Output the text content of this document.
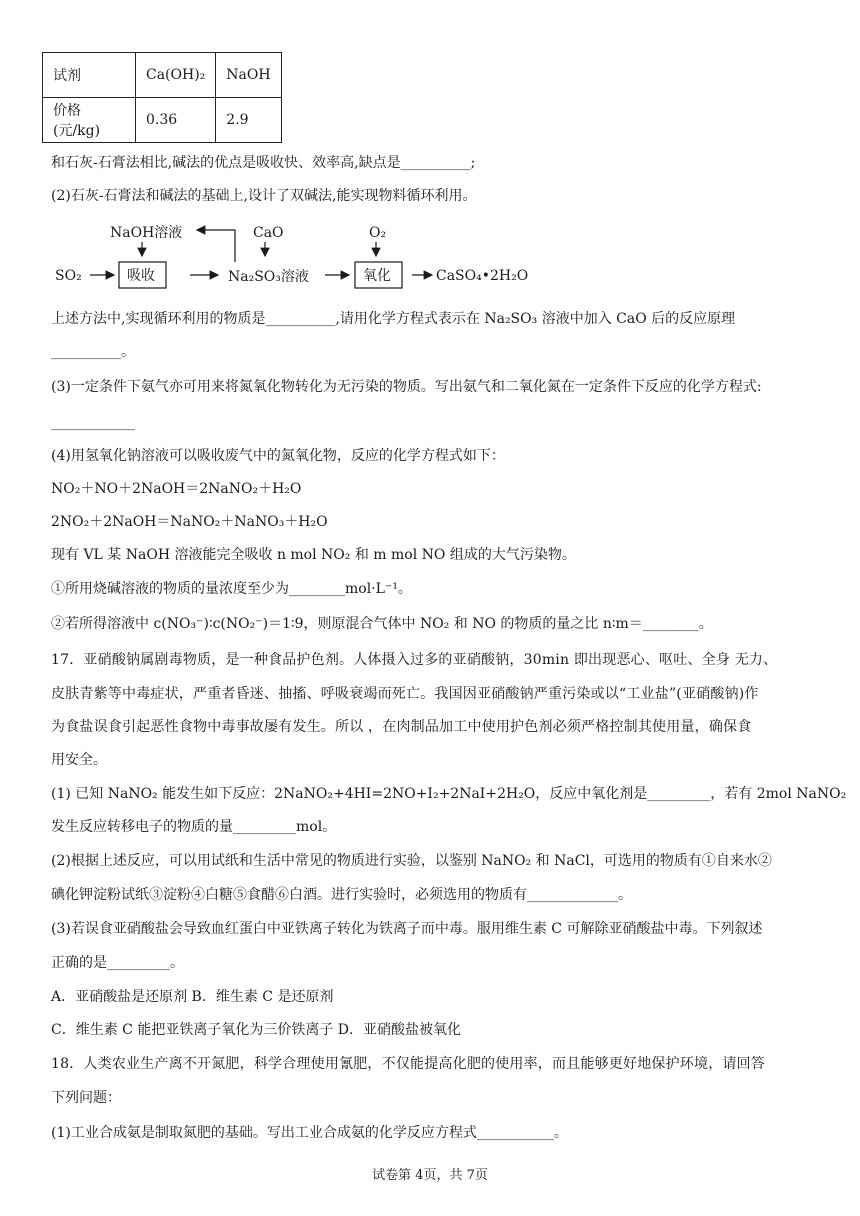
试剂	Ca(OH)₂	NaOH
价格(元/kg)	0.36	2.9
和石灰-石膏法相比,碱法的优点是吸收快、效率高,缺点是__________;
(2)石灰-石膏法和碱法的基础上,设计了双碱法,能实现物料循环利用。
NaOH溶液	CaO	O₂
SO₂	吸收	Na₂SO₃溶液	氧化	CaSO₄•2H₂O
上述方法中,实现循环利用的物质是__________,请用化学方程式表示在 Na₂SO₃ 溶液中加入 CaO 后的反应原理
__________。
(3)一定条件下氨气亦可用来将氮氧化物转化为无污染的物质。写出氨气和二氧化氮在一定条件下反应的化学方程式:
____________
(4)用氢氧化钠溶液可以吸收废气中的氮氧化物，反应的化学方程式如下：
NO₂＋NO＋2NaOH＝2NaNO₂＋H₂O
2NO₂＋2NaOH＝NaNO₂＋NaNO₃＋H₂O
现有 VL 某 NaOH 溶液能完全吸收 n mol NO₂ 和 m mol NO 组成的大气污染物。
①所用烧碱溶液的物质的量浓度至少为________mol·L⁻¹。
②若所得溶液中 c(NO₃⁻)∶c(NO₂⁻)＝1∶9，则原混合气体中 NO₂ 和 NO 的物质的量之比 n∶m＝________。
17．亚硝酸钠属剧毒物质，是一种食品护色剂。人体摄入过多的亚硝酸钠，30min 即出现恶心、呕吐、全身 无力、
皮肤青紫等中毒症状，严重者昏迷、抽搐、呼吸衰竭而死亡。我国因亚硝酸钠严重污染或以“工业盐”(亚硝酸钠)作
为食盐误食引起恶性食物中毒事故屡有发生。所以 ，在肉制品加工中使用护色剂必须严格控制其使用量，确保食
用安全。
(1) 已知 NaNO₂ 能发生如下反应：2NaNO₂+4HI=2NO+I₂+2NaI+2H₂O，反应中氧化剂是_________，若有 2mol NaNO₂
发生反应转移电子的物质的量_________mol。
(2)根据上述反应，可以用试纸和生活中常见的物质进行实验，以鉴别 NaNO₂ 和 NaCl，可选用的物质有①自来水②
碘化钾淀粉试纸③淀粉④白糖⑤食醋⑥白酒。进行实验时，必须选用的物质有_____________。
(3)若误食亚硝酸盐会导致血红蛋白中亚铁离子转化为铁离子而中毒。服用维生素 C 可解除亚硝酸盐中毒。下列叙述
正确的是_________。
A．亚硝酸盐是还原剂 B．维生素 C 是还原剂
C．维生素 C 能把亚铁离子氧化为三价铁离子 D．亚硝酸盐被氧化
18．人类农业生产离不开氮肥，科学合理使用氰肥，不仅能提高化肥的使用率，而且能够更好地保护环境，请回答
下列问题：
(1)工业合成氨是制取氮肥的基础。写出工业合成氨的化学反应方程式___________。
试卷第 4页，共 7页
